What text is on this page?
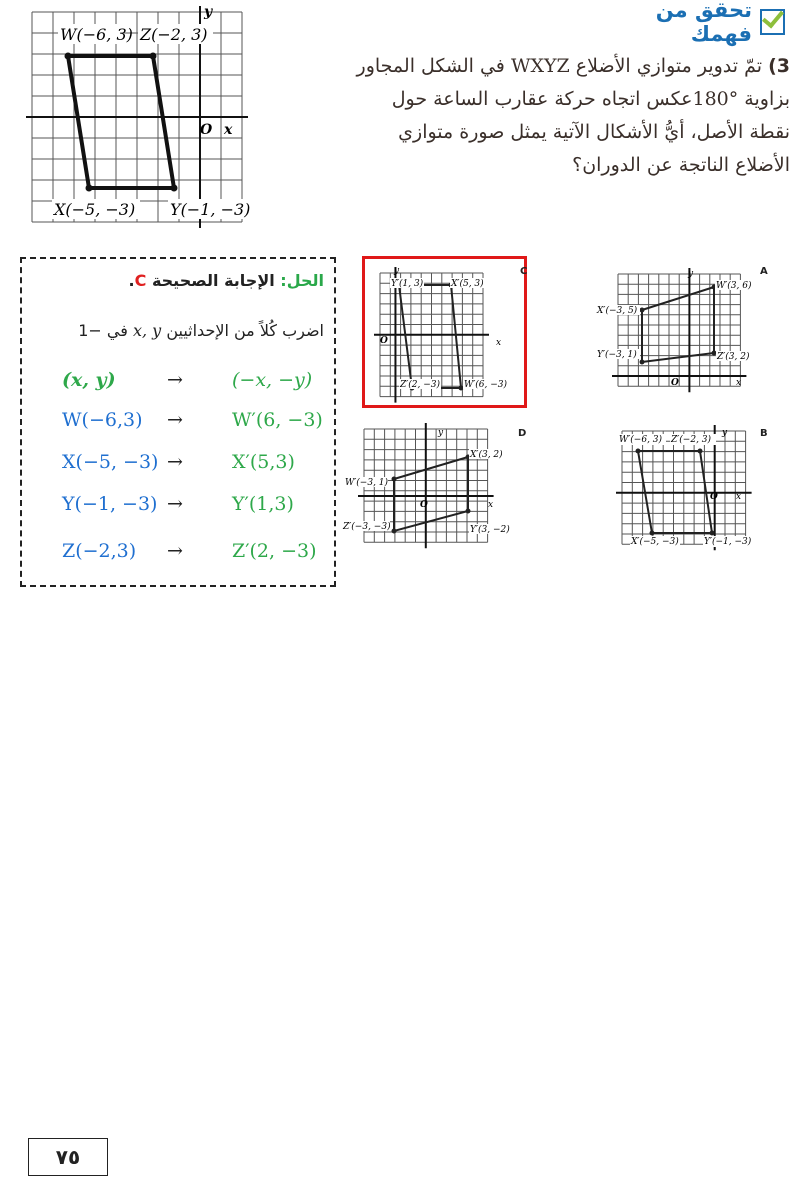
تحقق من فهمك
3) تمّ تدوير متوازي الأضلاع WXYZ في الشكل المجاور
بزاوية °180عكس اتجاه حركة عقارب الساعة حول
نقطة الأصل، أيُّ الأشكال الآتية يمثل صورة متوازي
الأضلاع الناتجة عن الدوران؟
W(−6, 3) Z(−2, 3)
X(−5, −3) Y(−1, −3)
O x
y
الحل: الإجابة الصحيحة C.
اضرب كُلاً من الإحداثيين x, y في −1
(x, y)	→	(−x, −y)
W(−6,3) →	W′(6, −3)
X(−5, −3) →	X′(5,3)
Y(−1, −3) →	Y′(1,3)
Z(−2,3) →	Z′(2, −3)
Y′(1, 3)	X′(5, 3)
Z′(2, −3)	W′(6, −3)
O	x
y	C
W′(3, 6)
X′(−3, 5)
Y′(−3, 1)	Z′(3, 2)
O	x
y	A
X′(3, 2)
W′(−3, 1)
Z′(−3, −3)	Y′(3, −2)
O	x
y	D
W′(−6, 3) Z′(−2, 3)
X′(−5, −3)	Y′(−1, −3)
O x
y	B
٧٥
